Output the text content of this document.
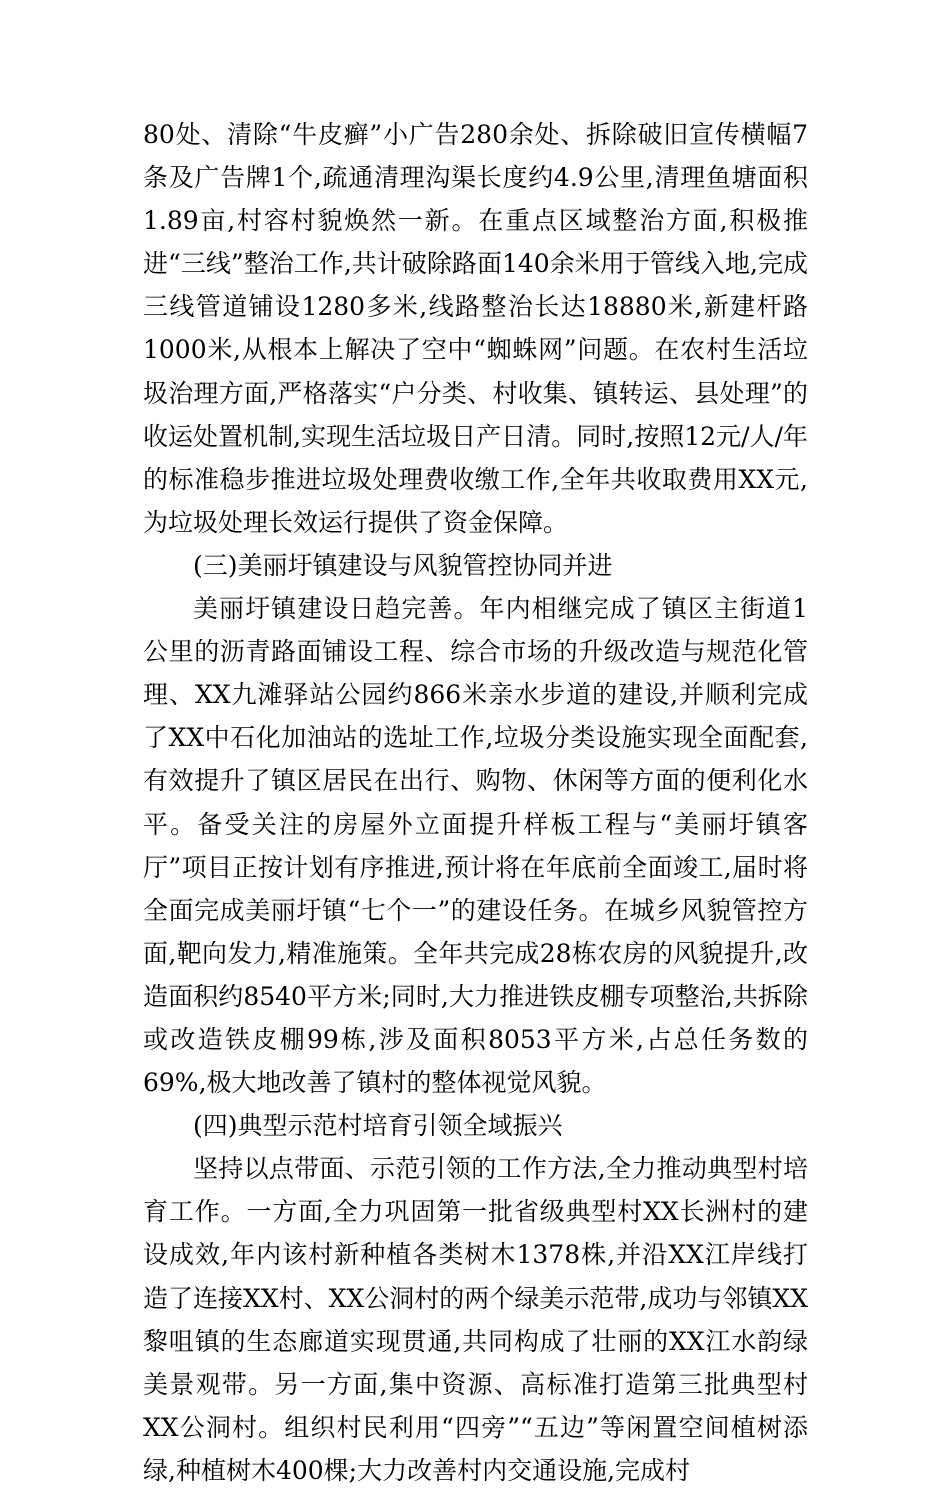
80处、清除“牛皮癣”小广告280余处、拆除破旧宣传横幅7条及广告牌1个,疏通清理沟渠长度约4.9公里,清理鱼塘面积1.89亩,村容村貌焕然一新。在重点区域整治方面,积极推进“三线”整治工作,共计破除路面140余米用于管线入地,完成三线管道铺设1280多米,线路整治长达18880米,新建杆路1000米,从根本上解决了空中“蜘蛛网”问题。在农村生活垃圾治理方面,严格落实“户分类、村收集、镇转运、县处理”的收运处置机制,实现生活垃圾日产日清。同时,按照12元/人/年的标准稳步推进垃圾处理费收缴工作,全年共收取费用XX元,为垃圾处理长效运行提供了资金保障。

(三)美丽圩镇建设与风貌管控协同并进

美丽圩镇建设日趋完善。年内相继完成了镇区主街道1公里的沥青路面铺设工程、综合市场的升级改造与规范化管理、XX九滩驿站公园约866米亲水步道的建设,并顺利完成了XX中石化加油站的选址工作,垃圾分类设施实现全面配套,有效提升了镇区居民在出行、购物、休闲等方面的便利化水平。备受关注的房屋外立面提升样板工程与“美丽圩镇客厅”项目正按计划有序推进,预计将在年底前全面竣工,届时将全面完成美丽圩镇“七个一”的建设任务。在城乡风貌管控方面,靶向发力,精准施策。全年共完成28栋农房的风貌提升,改造面积约8540平方米;同时,大力推进铁皮棚专项整治,共拆除或改造铁皮棚99栋,涉及面积8053平方米,占总任务数的69%,极大地改善了镇村的整体视觉风貌。

(四)典型示范村培育引领全域振兴

坚持以点带面、示范引领的工作方法,全力推动典型村培育工作。一方面,全力巩固第一批省级典型村XX长洲村的建设成效,年内该村新种植各类树木1378株,并沿XX江岸线打造了连接XX村、XX公洞村的两个绿美示范带,成功与邻镇XX黎咀镇的生态廊道实现贯通,共同构成了壮丽的XX江水韵绿美景观带。另一方面,集中资源、高标准打造第三批典型村XX公洞村。组织村民利用“四旁”“五边”等闲置空间植树添绿,种植树木400棵;大力改善村内交通设施,完成村
